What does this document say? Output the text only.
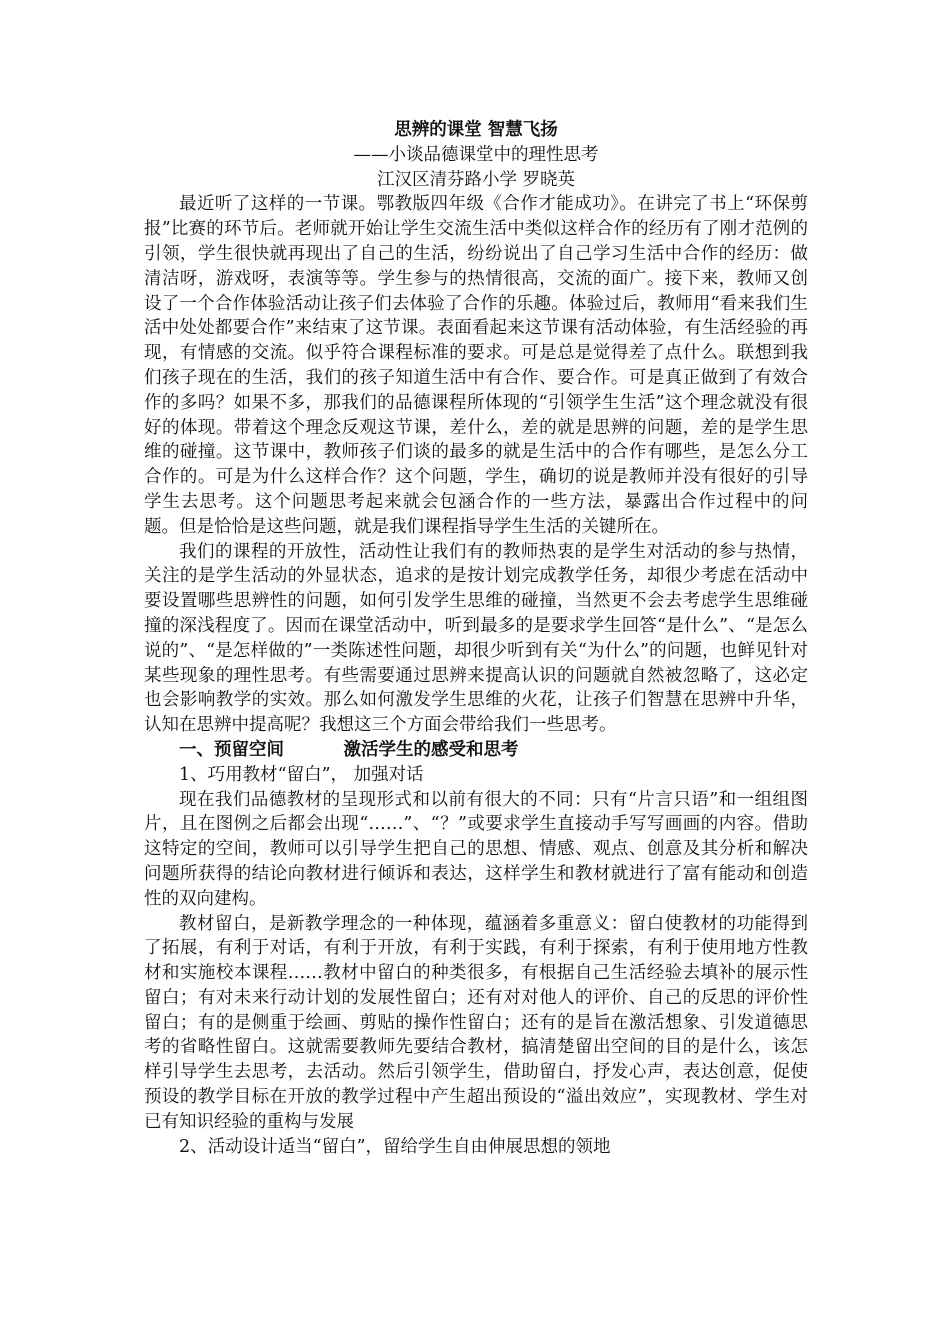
思辨的课堂 智慧飞扬

——小谈品德课堂中的理性思考

江汉区清芬路小学 罗晓英

最近听了这样的一节课。鄂教版四年级《合作才能成功》。在讲完了书上“环保剪报”比赛的环节后。老师就开始让学生交流生活中类似这样合作的经历有了刚才范例的引领，学生很快就再现出了自己的生活，纷纷说出了自己学习生活中合作的经历：做清洁呀，游戏呀，表演等等。学生参与的热情很高，交流的面广。接下来，教师又创设了一个合作体验活动让孩子们去体验了合作的乐趣。体验过后，教师用“看来我们生活中处处都要合作”来结束了这节课。表面看起来这节课有活动体验，有生活经验的再现，有情感的交流。似乎符合课程标准的要求。可是总是觉得差了点什么。联想到我们孩子现在的生活，我们的孩子知道生活中有合作、要合作。可是真正做到了有效合作的多吗？如果不多，那我们的品德课程所体现的“引领学生生活”这个理念就没有很好的体现。带着这个理念反观这节课，差什么，差的就是思辨的问题，差的是学生思维的碰撞。这节课中，教师孩子们谈的最多的就是生活中的合作有哪些，是怎么分工合作的。可是为什么这样合作？这个问题，学生，确切的说是教师并没有很好的引导学生去思考。这个问题思考起来就会包涵合作的一些方法，暴露出合作过程中的问题。但是恰恰是这些问题，就是我们课程指导学生生活的关键所在。

我们的课程的开放性，活动性让我们有的教师热衷的是学生对活动的参与热情，关注的是学生活动的外显状态，追求的是按计划完成教学任务，却很少考虑在活动中要设置哪些思辨性的问题，如何引发学生思维的碰撞，当然更不会去考虑学生思维碰撞的深浅程度了。因而在课堂活动中，听到最多的是要求学生回答“是什么”、“是怎么说的”、“是怎样做的”一类陈述性问题，却很少听到有关“为什么”的问题，也鲜见针对某些现象的理性思考。有些需要通过思辨来提高认识的问题就自然被忽略了，这必定也会影响教学的实效。那么如何激发学生思维的火花，让孩子们智慧在思辨中升华，认知在思辨中提高呢？我想这三个方面会带给我们一些思考。

一、预留空间	激活学生的感受和思考

1、巧用教材“留白”， 加强对话

现在我们品德教材的呈现形式和以前有很大的不同：只有“片言只语”和一组组图片，且在图例之后都会出现“……”、“？”或要求学生直接动手写写画画的内容。借助这特定的空间，教师可以引导学生把自己的思想、情感、观点、创意及其分析和解决问题所获得的结论向教材进行倾诉和表达，这样学生和教材就进行了富有能动和创造性的双向建构。

教材留白，是新教学理念的一种体现，蕴涵着多重意义：留白使教材的功能得到了拓展，有利于对话，有利于开放，有利于实践，有利于探索，有利于使用地方性教材和实施校本课程……教材中留白的种类很多，有根据自己生活经验去填补的展示性留白；有对未来行动计划的发展性留白；还有对对他人的评价、自己的反思的评价性留白；有的是侧重于绘画、剪贴的操作性留白；还有的是旨在激活想象、引发道德思考的省略性留白。这就需要教师先要结合教材，搞清楚留出空间的目的是什么，该怎样引导学生去思考，去活动。然后引领学生，借助留白，抒发心声，表达创意，促使预设的教学目标在开放的教学过程中产生超出预设的“溢出效应”，实现教材、学生对已有知识经验的重构与发展

2、活动设计适当“留白”，留给学生自由伸展思想的领地
